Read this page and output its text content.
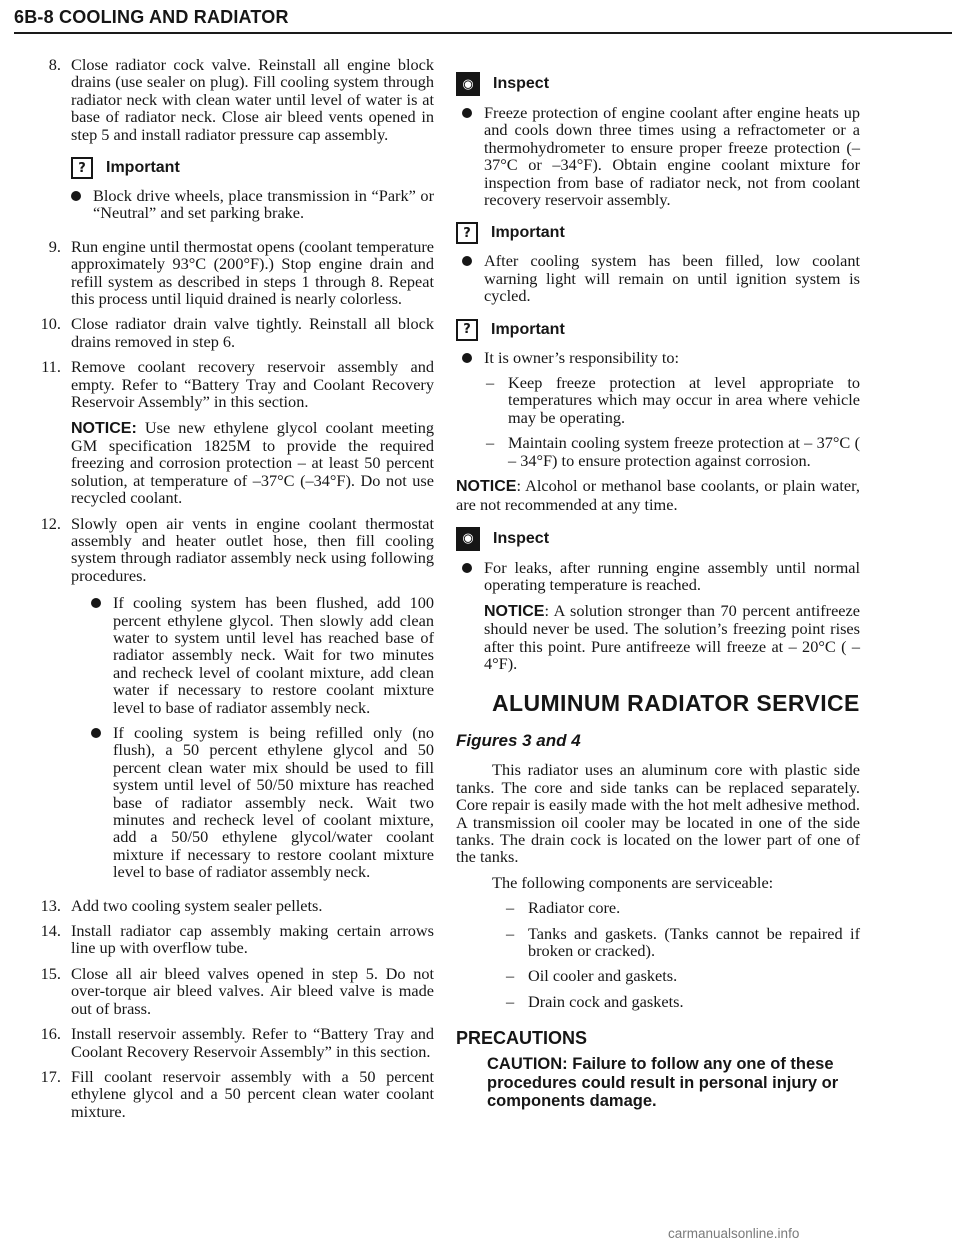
6B-8 COOLING AND RADIATOR
8. Close radiator cock valve. Reinstall all engine block drains (use sealer on plug). Fill cooling system through radiator neck with clean water until level of water is at base of radiator neck. Close air bleed vents opened in step 5 and install radiator pressure cap assembly.

?	Important

Block drive wheels, place transmission in “Park” or “Neutral” and set parking brake.

9. Run engine until thermostat opens (coolant temperature approximately 93°C (200°F).) Stop engine drain and refill system as described in steps 1 through 8. Repeat this process until liquid drained is nearly colorless.

10. Close radiator drain valve tightly. Reinstall all block drains removed in step 6.

11. Remove coolant recovery reservoir assembly and empty. Refer to “Battery Tray and Coolant Recovery Reservoir Assembly” in this section.

NOTICE: Use new ethylene glycol coolant meeting GM specification 1825M to provide the required freezing and corrosion protection – at least 50 percent solution, at temperature of –37°C (–34°F). Do not use recycled coolant.

12. Slowly open air vents in engine coolant thermostat assembly and heater outlet hose, then fill cooling system through radiator assembly neck using following procedures.

If cooling system has been flushed, add 100 percent ethylene glycol. Then slowly add clean water to system until level has reached base of radiator assembly neck. Wait for two minutes and recheck level of coolant mixture, add clean water if necessary to restore coolant mixture level to base of radiator assembly neck.

If cooling system is being refilled only (no flush), a 50 percent ethylene glycol and 50 percent clean water mix should be used to fill system until level of 50/50 mixture has reached base of radiator assembly neck. Wait two minutes and recheck level of coolant mixture, add a 50/50 ethylene glycol/water coolant mixture if necessary to restore coolant mixture level to base of radiator assembly neck.

13. Add two cooling system sealer pellets.

14. Install radiator cap assembly making certain arrows line up with overflow tube.

15. Close all air bleed valves opened in step 5. Do not over-torque air bleed valves. Air bleed valve is made out of brass.

16. Install reservoir assembly. Refer to “Battery Tray and Coolant Recovery Reservoir Assembly” in this section.

17. Fill coolant reservoir assembly with a 50 percent ethylene glycol and a 50 percent clean water coolant mixture.

◉	Inspect

Freeze protection of engine coolant after engine heats up and cools down three times using a refractometer or a thermohydrometer to ensure proper freeze protection (–37°C or –34°F). Obtain engine coolant mixture for inspection from base of radiator neck, not from coolant recovery reservoir assembly.

?	Important

After cooling system has been filled, low coolant warning light will remain on until ignition system is cycled.

?	Important

It is owner’s responsibility to:

– Keep freeze protection at level appropriate to temperatures which may occur in area where vehicle may be operating.

– Maintain cooling system freeze protection at – 37°C ( – 34°F) to ensure protection against corrosion.

NOTICE: Alcohol or methanol base coolants, or plain water, are not recommended at any time.

◉	Inspect

For leaks, after running engine assembly until normal operating temperature is reached.

NOTICE: A solution stronger than 70 percent antifreeze should never be used. The solution’s freezing point rises after this point. Pure antifreeze will freeze at – 20°C ( – 4°F).

ALUMINUM RADIATOR SERVICE
Figures 3 and 4

This radiator uses an aluminum core with plastic side tanks. The core and side tanks can be replaced separately. Core repair is easily made with the hot melt adhesive method. A transmission oil cooler may be located in one of the side tanks. The drain cock is located on the lower part of one of the tanks.

The following components are serviceable:

– Radiator core.

– Tanks and gaskets. (Tanks cannot be repaired if broken or cracked).

– Oil cooler and gaskets.

– Drain cock and gaskets.

PRECAUTIONS

CAUTION: Failure to follow any one of these procedures could result in personal injury or components damage.

carmanualsonline.info
